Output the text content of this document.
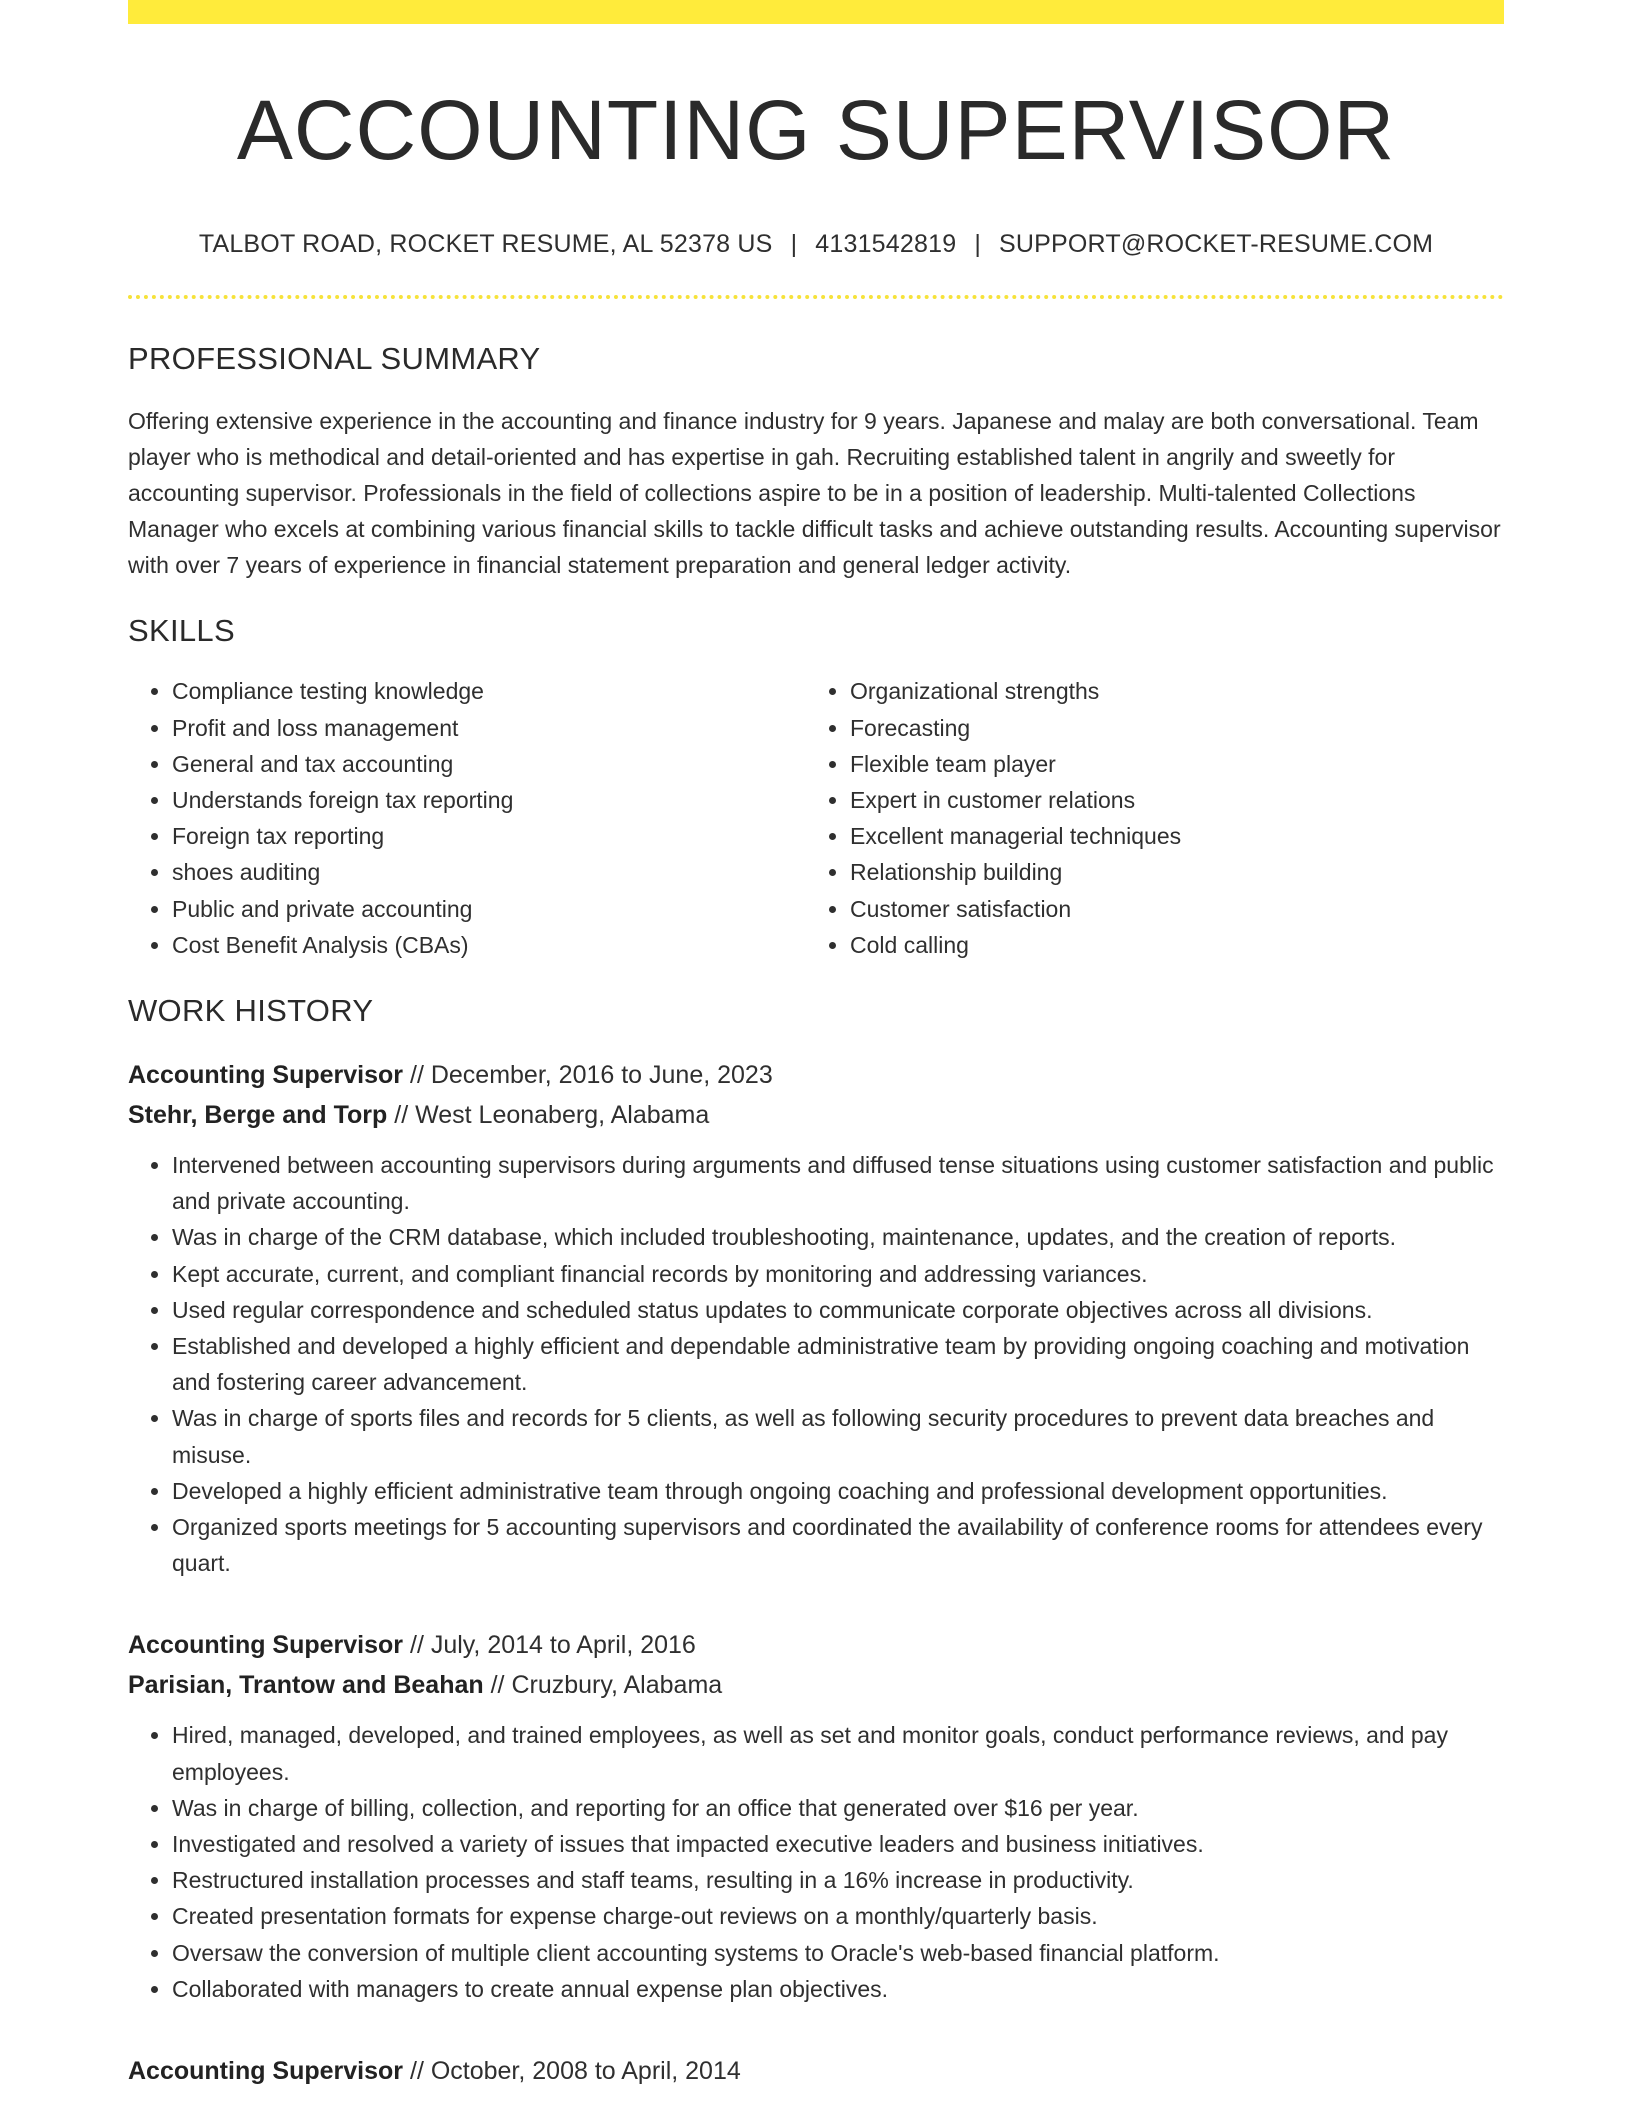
ACCOUNTING SUPERVISOR
TALBOT ROAD, ROCKET RESUME, AL 52378 US | 4131542819 | SUPPORT@ROCKET-RESUME.COM
PROFESSIONAL SUMMARY

Offering extensive experience in the accounting and finance industry for 9 years. Japanese and malay are both conversational. Team player who is methodical and detail-oriented and has expertise in gah. Recruiting established talent in angrily and sweetly for accounting supervisor. Professionals in the field of collections aspire to be in a position of leadership. Multi-talented Collections Manager who excels at combining various financial skills to tackle difficult tasks and achieve outstanding results. Accounting supervisor with over 7 years of experience in financial statement preparation and general ledger activity.

SKILLS
• Compliance testing knowledge
• Profit and loss management
• General and tax accounting
• Understands foreign tax reporting
• Foreign tax reporting
• shoes auditing
• Public and private accounting
• Cost Benefit Analysis (CBAs)
• Organizational strengths
• Forecasting
• Flexible team player
• Expert in customer relations
• Excellent managerial techniques
• Relationship building
• Customer satisfaction
• Cold calling
WORK HISTORY
Accounting Supervisor // December, 2016 to June, 2023
Stehr, Berge and Torp // West Leonaberg, Alabama
• Intervened between accounting supervisors during arguments and diffused tense situations using customer satisfaction and public and private accounting.
• Was in charge of the CRM database, which included troubleshooting, maintenance, updates, and the creation of reports.
• Kept accurate, current, and compliant financial records by monitoring and addressing variances.
• Used regular correspondence and scheduled status updates to communicate corporate objectives across all divisions.
• Established and developed a highly efficient and dependable administrative team by providing ongoing coaching and motivation and fostering career advancement.
• Was in charge of sports files and records for 5 clients, as well as following security procedures to prevent data breaches and misuse.
• Developed a highly efficient administrative team through ongoing coaching and professional development opportunities.
• Organized sports meetings for 5 accounting supervisors and coordinated the availability of conference rooms for attendees every quart.
Accounting Supervisor // July, 2014 to April, 2016
Parisian, Trantow and Beahan // Cruzbury, Alabama
• Hired, managed, developed, and trained employees, as well as set and monitor goals, conduct performance reviews, and pay employees.
• Was in charge of billing, collection, and reporting for an office that generated over $16 per year.
• Investigated and resolved a variety of issues that impacted executive leaders and business initiatives.
• Restructured installation processes and staff teams, resulting in a 16% increase in productivity.
• Created presentation formats for expense charge-out reviews on a monthly/quarterly basis.
• Oversaw the conversion of multiple client accounting systems to Oracle's web-based financial platform.
• Collaborated with managers to create annual expense plan objectives.
Accounting Supervisor // October, 2008 to April, 2014
